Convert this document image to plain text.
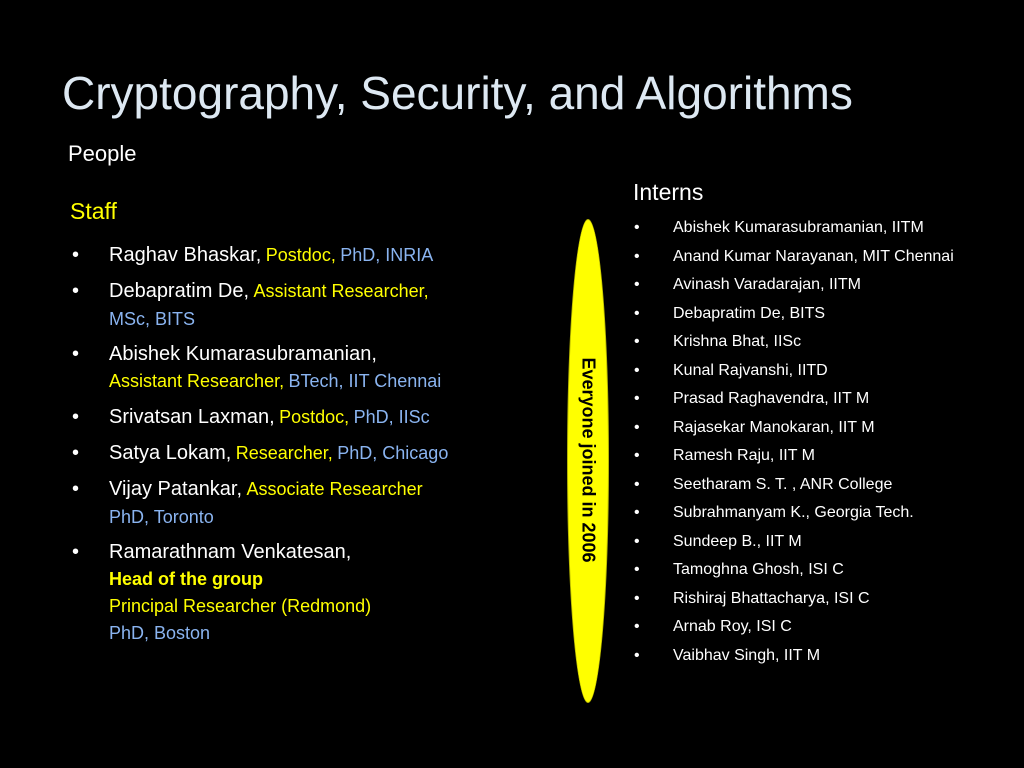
Cryptography, Security, and Algorithms
People
Staff
• Raghav Bhaskar, Postdoc, PhD, INRIA
• Debapratim De, Assistant Researcher,
MSc, BITS
• Abishek Kumarasubramanian,
Assistant Researcher, BTech, IIT Chennai
• Srivatsan Laxman, Postdoc, PhD, IISc
• Satya Lokam, Researcher, PhD, Chicago
• Vijay Patankar, Associate Researcher
PhD, Toronto
• Ramarathnam Venkatesan,
Head of the group
Principal Researcher (Redmond)
PhD, Boston
Everyone joined in 2006
Interns
• Abishek Kumarasubramanian, IITM
• Anand Kumar Narayanan, MIT Chennai
• Avinash Varadarajan, IITM
• Debapratim De, BITS
• Krishna Bhat, IISc
• Kunal Rajvanshi, IITD
• Prasad Raghavendra, IIT M
• Rajasekar Manokaran, IIT M
• Ramesh Raju, IIT M
• Seetharam S. T. , ANR College
• Subrahmanyam K., Georgia Tech.
• Sundeep B., IIT M
• Tamoghna Ghosh, ISI C
• Rishiraj Bhattacharya, ISI C
• Arnab Roy, ISI C
• Vaibhav Singh, IIT M
